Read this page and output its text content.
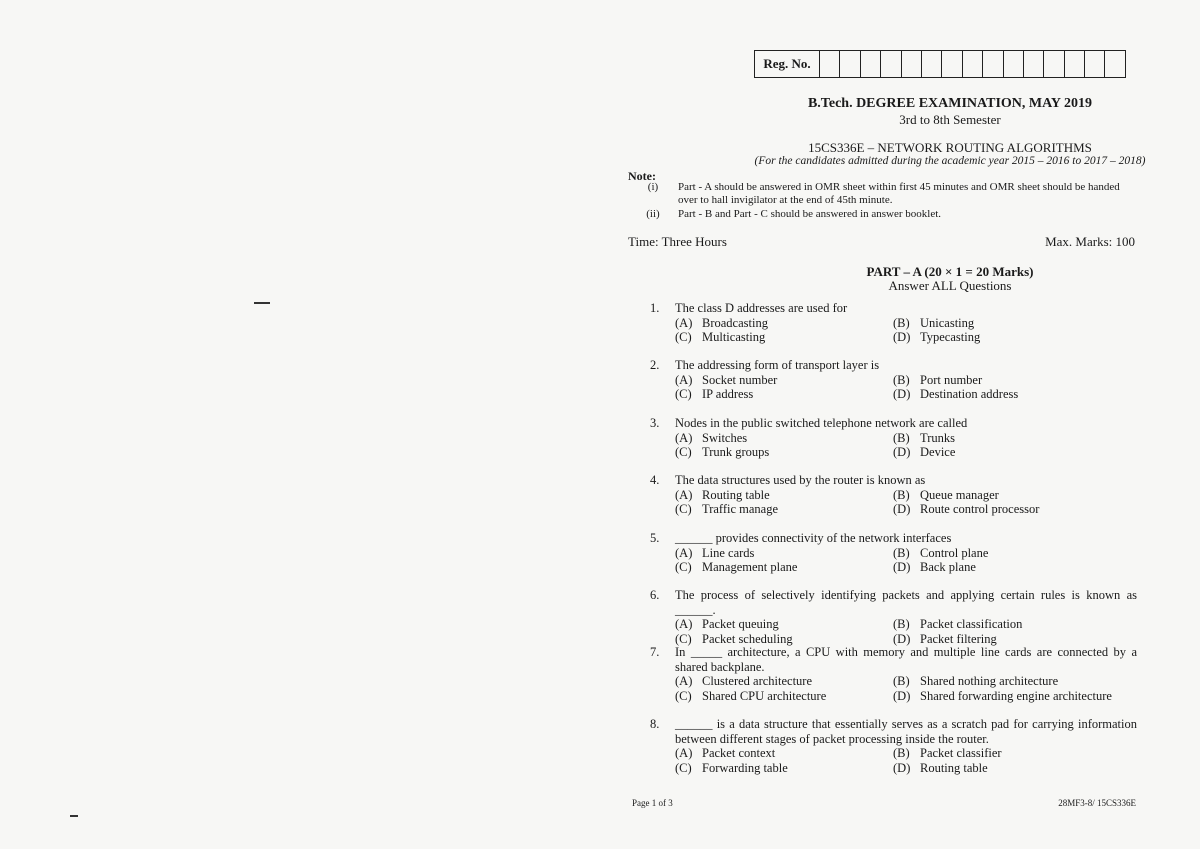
Reg. No.
B.Tech. DEGREE EXAMINATION, MAY 2019
3rd to 8th Semester
15CS336E – NETWORK ROUTING ALGORITHMS
(For the candidates admitted during the academic year 2015 – 2016 to 2017 – 2018)
Note:
(i)	Part - A should be answered in OMR sheet within first 45 minutes and OMR sheet should be handed over to hall invigilator at the end of 45th minute.
(ii)	Part - B and Part - C should be answered in answer booklet.
Time: Three Hours	Max. Marks: 100
PART – A (20 × 1 = 20 Marks)
Answer ALL Questions
1.	The class D addresses are used for
(A) Broadcasting	(B) Unicasting
(C) Multicasting	(D) Typecasting
2.	The addressing form of transport layer is
(A) Socket number	(B) Port number
(C) IP address	(D) Destination address
3.	Nodes in the public switched telephone network are called
(A) Switches	(B) Trunks
(C) Trunk groups	(D) Device
4.	The data structures used by the router is known as
(A) Routing table	(B) Queue manager
(C) Traffic manage	(D) Route control processor
5.	______ provides connectivity of the network interfaces
(A) Line cards	(B) Control plane
(C) Management plane	(D) Back plane
6.	The process of selectively identifying packets and applying certain rules is known as ______.
(A) Packet queuing	(B) Packet classification
(C) Packet scheduling	(D) Packet filtering
7.	In _____ architecture, a CPU with memory and multiple line cards are connected by a shared backplane.
(A) Clustered architecture	(B) Shared nothing architecture
(C) Shared CPU architecture	(D) Shared forwarding engine architecture
8.	______ is a data structure that essentially serves as a scratch pad for carrying information between different stages of packet processing inside the router.
(A) Packet context	(B) Packet classifier
(C) Forwarding table	(D) Routing table
Page 1 of 3	28MF3-8/ 15CS336E
